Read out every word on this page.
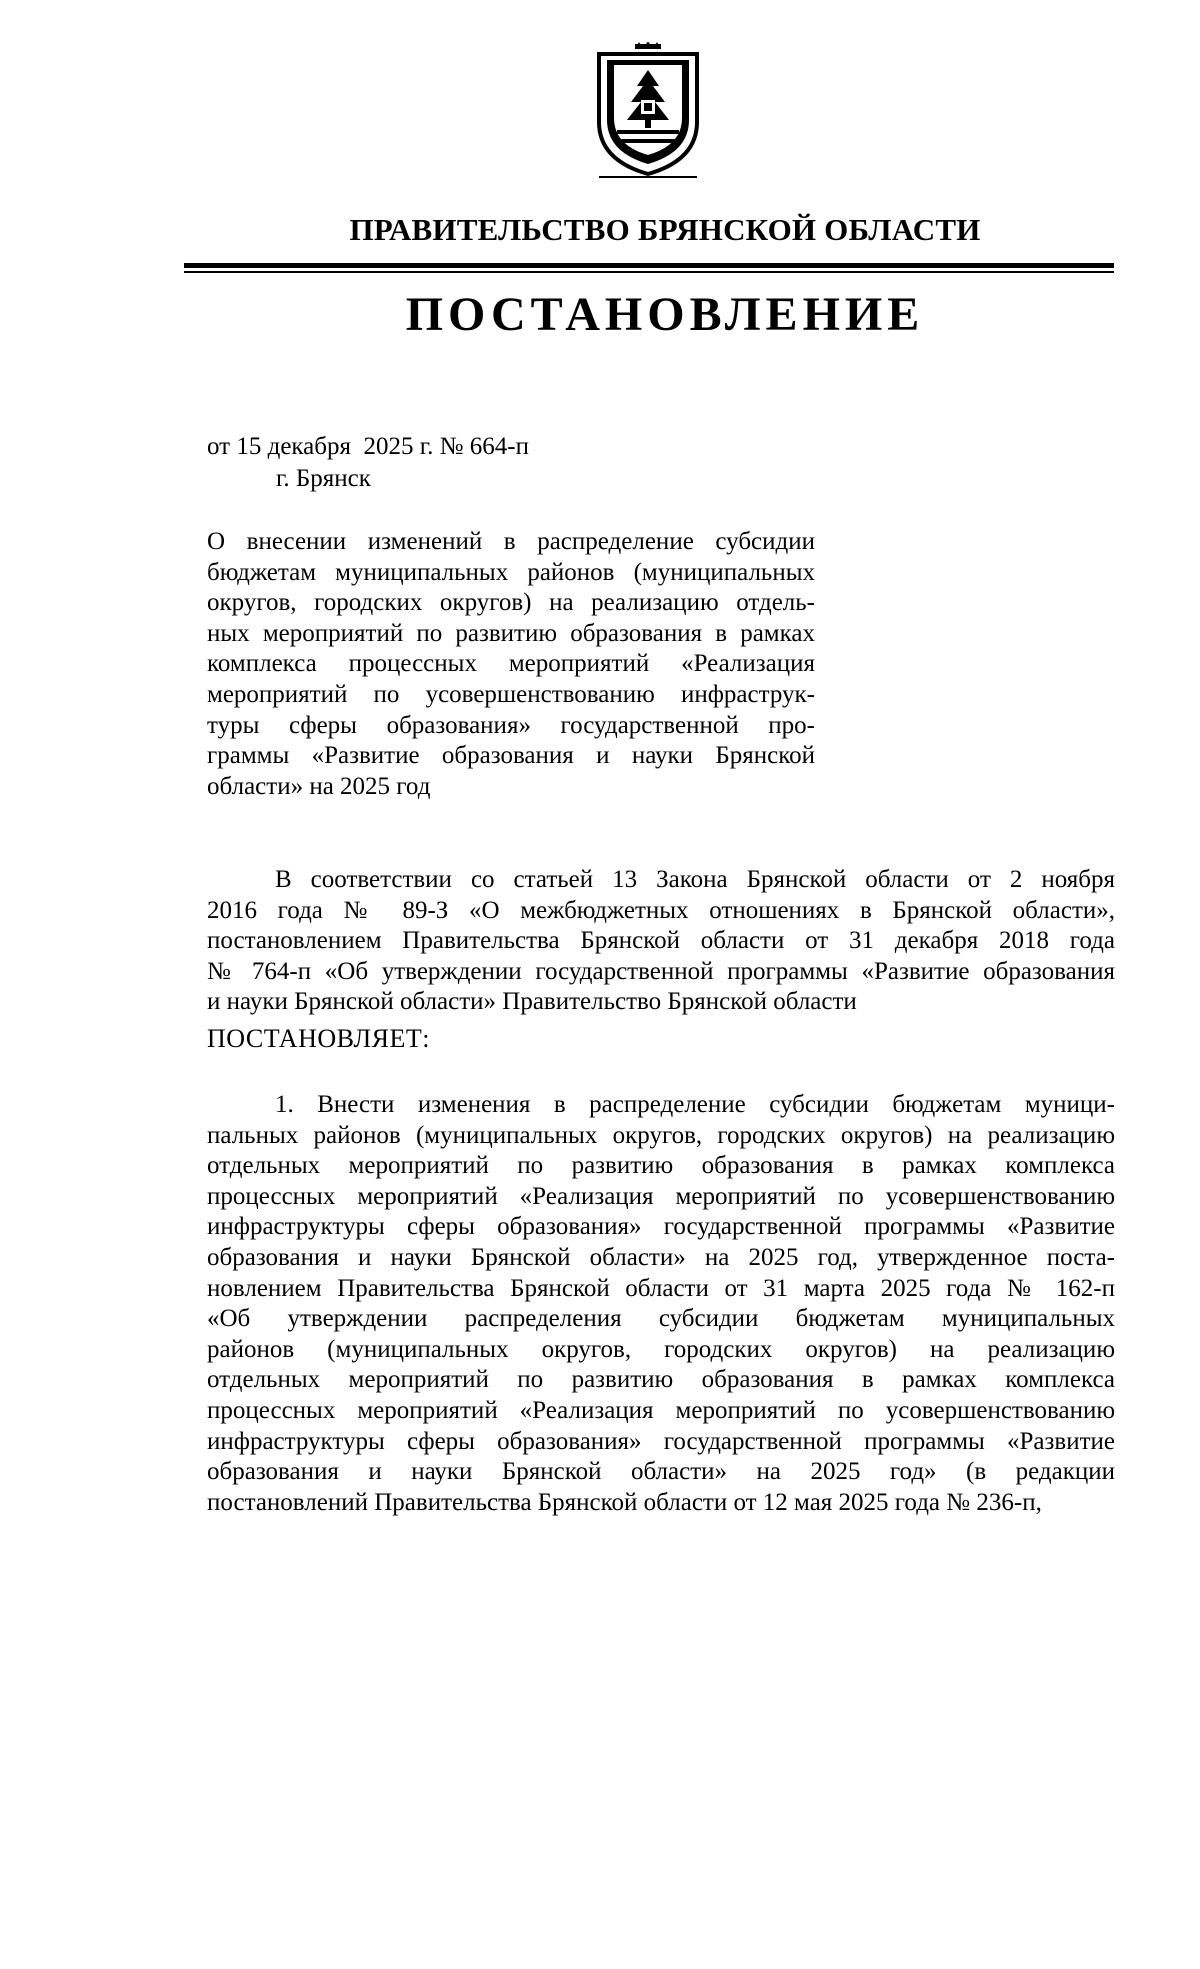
ПРАВИТЕЛЬСТВО БРЯНСКОЙ ОБЛАСТИ
ПОСТАНОВЛЕНИЕ
от 15 декабря  2025 г. № 664-п
г. Брянск
О внесении изменений в распределение субсидии
бюджетам муниципальных районов (муниципальных
округов, городских округов) на реализацию отдель-
ных мероприятий по развитию образования в рамках
комплекса процессных мероприятий «Реализация
мероприятий по усовершенствованию инфраструк-
туры сферы образования» государственной про-
граммы «Развитие образования и науки Брянской
области» на 2025 год
В соответствии со статьей 13 Закона Брянской области от 2 ноября
2016 года № 89-З «О межбюджетных отношениях в Брянской области»,
постановлением Правительства Брянской области от 31 декабря 2018 года
№ 764-п «Об утверждении государственной программы «Развитие образования
и науки Брянской области» Правительство Брянской области
ПОСТАНОВЛЯЕТ:
1. Внести изменения в распределение субсидии бюджетам муници-
пальных районов (муниципальных округов, городских округов) на реализацию
отдельных мероприятий по развитию образования в рамках комплекса
процессных мероприятий «Реализация мероприятий по усовершенствованию
инфраструктуры сферы образования» государственной программы «Развитие
образования и науки Брянской области» на 2025 год, утвержденное поста-
новлением Правительства Брянской области от 31 марта 2025 года № 162-п
«Об утверждении распределения субсидии бюджетам муниципальных
районов (муниципальных округов, городских округов) на реализацию
отдельных мероприятий по развитию образования в рамках комплекса
процессных мероприятий «Реализация мероприятий по усовершенствованию
инфраструктуры сферы образования» государственной программы «Развитие
образования и науки Брянской области» на 2025 год» (в редакции
постановлений Правительства Брянской области от 12 мая 2025 года № 236-п,
